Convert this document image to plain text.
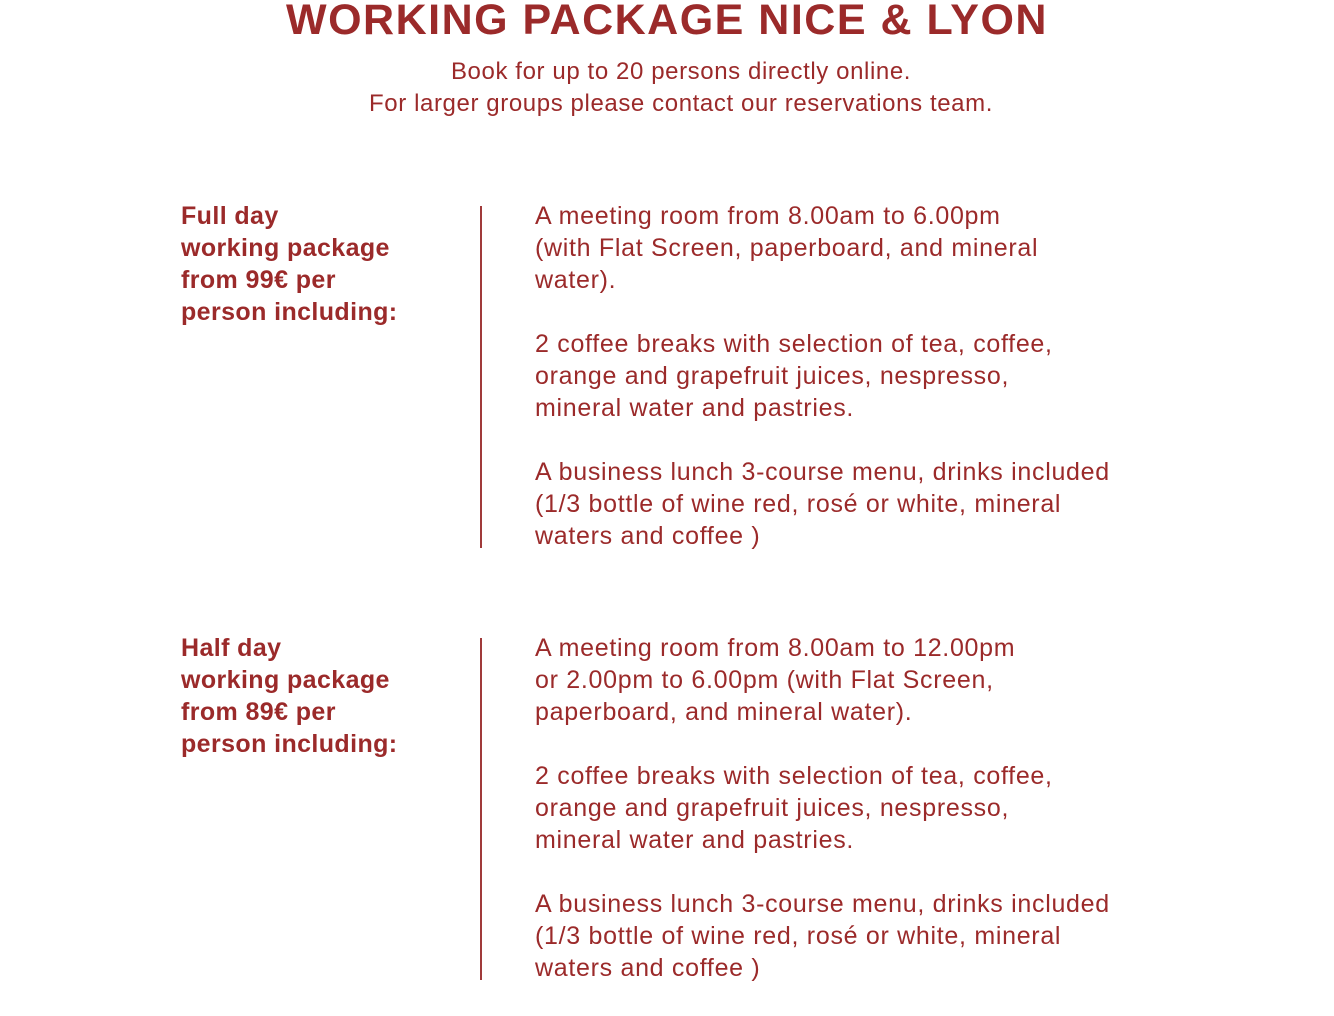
WORKING PACKAGE NICE & LYON
Book for up to 20 persons directly online.
For larger groups please contact our reservations team.
Full day
working package
from 99€ per
person including:
A meeting room from 8.00am to 6.00pm
(with Flat Screen, paperboard, and mineral
water).
2 coffee breaks with selection of tea, coffee,
orange and grapefruit juices, nespresso,
mineral water and pastries.
A business lunch 3-course menu, drinks included
(1/3 bottle of wine red, rosé or white, mineral
waters and coffee )
Half day
working package
from 89€ per
person including:
A meeting room from 8.00am to 12.00pm
or 2.00pm to 6.00pm (with Flat Screen,
paperboard, and mineral water).
2 coffee breaks with selection of tea, coffee,
orange and grapefruit juices, nespresso,
mineral water and pastries.
A business lunch 3-course menu, drinks included
(1/3 bottle of wine red, rosé or white, mineral
waters and coffee )
